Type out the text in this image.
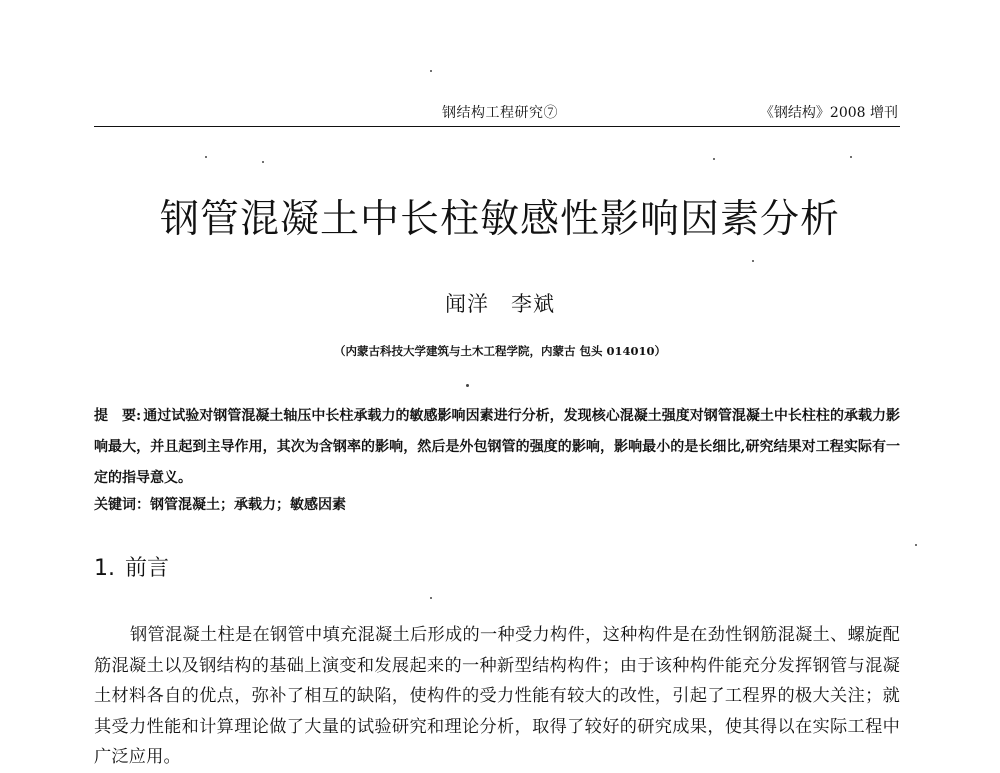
钢结构工程研究⑦	《钢结构》2008 增刊
钢管混凝土中长柱敏感性影响因素分析
闻洋 李斌
（内蒙古科技大学建筑与土木工程学院，内蒙古 包头 014010）
提　要: 通过试验对钢管混凝土轴压中长柱承载力的敏感影响因素进行分析，发现核心混凝土强度对钢管混凝土中长柱柱的承载力影响最大，并且起到主导作用，其次为含钢率的影响，然后是外包钢管的强度的影响，影响最小的是长细比,研究结果对工程实际有一定的指导意义。
关键词：钢管混凝土；承载力；敏感因素
1. 前言
钢管混凝土柱是在钢管中填充混凝土后形成的一种受力构件，这种构件是在劲性钢筋混凝土、螺旋配筋混凝土以及钢结构的基础上演变和发展起来的一种新型结构构件；由于该种构件能充分发挥钢管与混凝土材料各自的优点，弥补了相互的缺陷，使构件的受力性能有较大的改性，引起了工程界的极大关注；就其受力性能和计算理论做了大量的试验研究和理论分析，取得了较好的研究成果，使其得以在实际工程中广泛应用。
